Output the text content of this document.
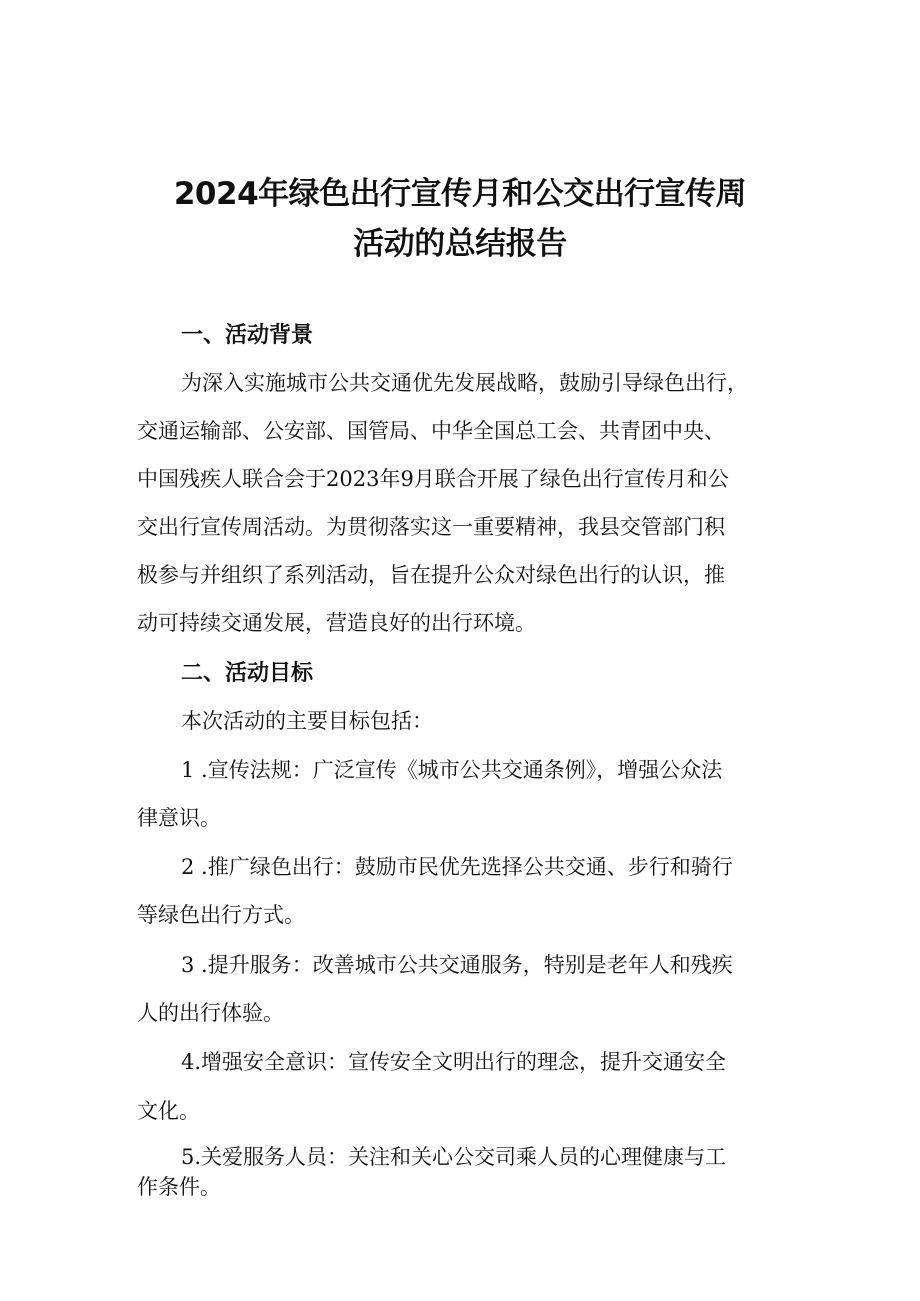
2024年绿色出行宣传月和公交出行宣传周
活动的总结报告
一、活动背景
为深入实施城市公共交通优先发展战略，鼓励引导绿色出行，
交通运输部、公安部、国管局、中华全国总工会、共青团中央、
中国残疾人联合会于2023年9月联合开展了绿色出行宣传月和公
交出行宣传周活动。为贯彻落实这一重要精神，我县交管部门积
极参与并组织了系列活动，旨在提升公众对绿色出行的认识，推
动可持续交通发展，营造良好的出行环境。
二、活动目标
本次活动的主要目标包括：
1 .宣传法规：广泛宣传《城市公共交通条例》，增强公众法
律意识。
2 .推广绿色出行：鼓励市民优先选择公共交通、步行和骑行
等绿色出行方式。
3 .提升服务：改善城市公共交通服务，特别是老年人和残疾
人的出行体验。
4.增强安全意识：宣传安全文明出行的理念，提升交通安全
文化。
5.关爱服务人员：关注和关心公交司乘人员的心理健康与工
作条件。
